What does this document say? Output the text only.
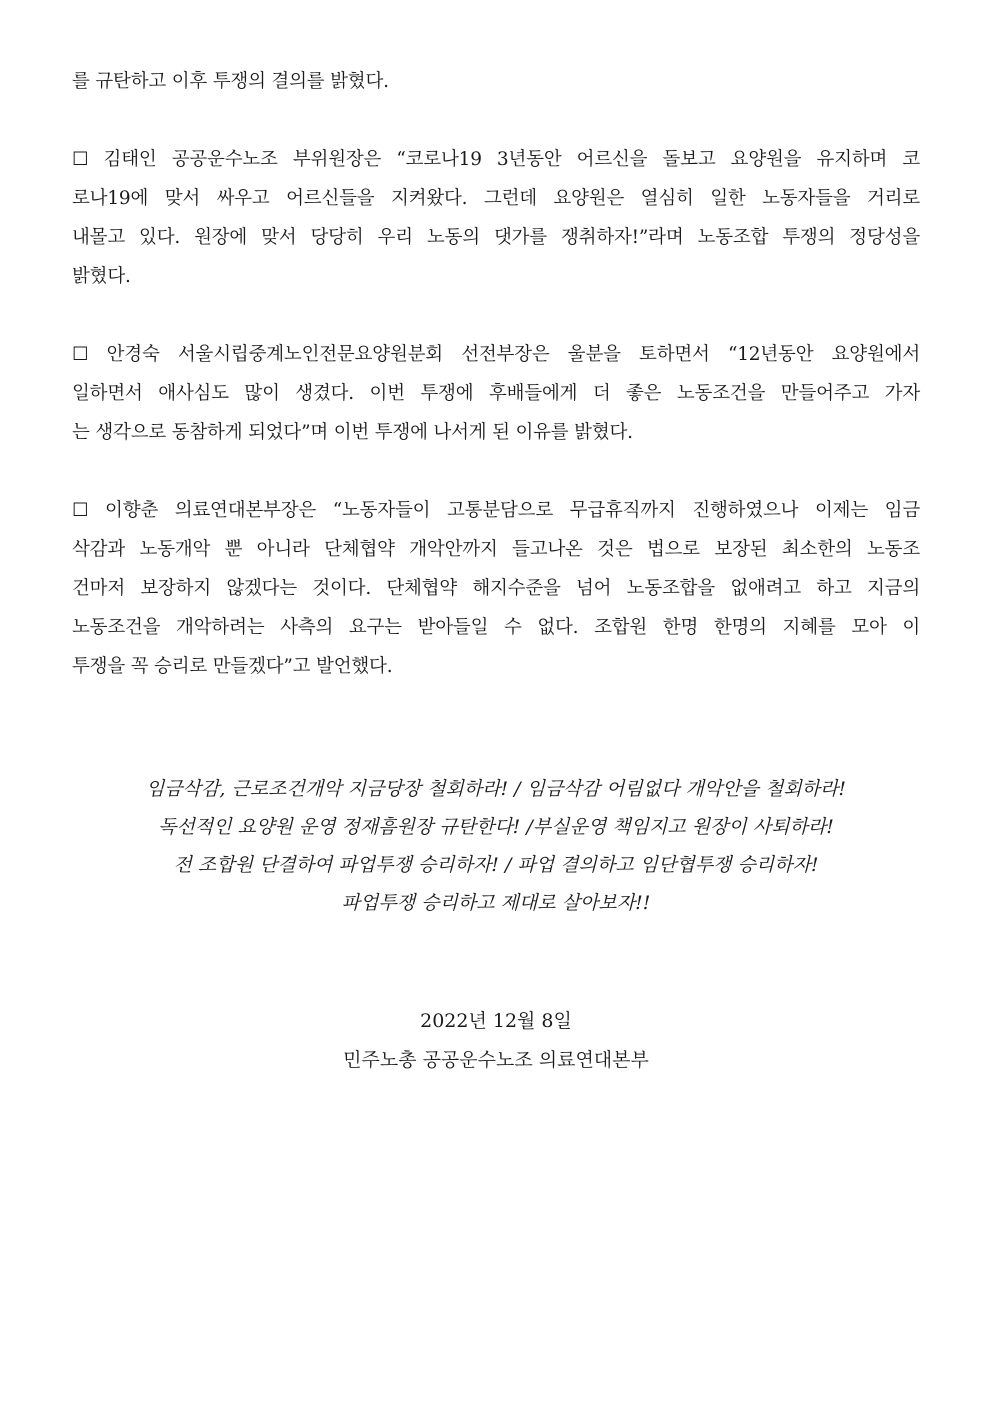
를 규탄하고 이후 투쟁의 결의를 밝혔다.
☐ 김태인 공공운수노조 부위원장은 “코로나19 3년동안 어르신을 돌보고 요양원을 유지하며 코
로나19에 맞서 싸우고 어르신들을 지켜왔다. 그런데 요양원은 열심히 일한 노동자들을 거리로
내몰고 있다. 원장에 맞서 당당히 우리 노동의 댓가를 쟁취하자!”라며 노동조합 투쟁의 정당성을
밝혔다.
☐ 안경숙 서울시립중계노인전문요양원분회 선전부장은 울분을 토하면서 “12년동안 요양원에서
일하면서 애사심도 많이 생겼다. 이번 투쟁에 후배들에게 더 좋은 노동조건을 만들어주고 가자
는 생각으로 동참하게 되었다”며 이번 투쟁에 나서게 된 이유를 밝혔다.
☐ 이향춘 의료연대본부장은 “노동자들이 고통분담으로 무급휴직까지 진행하였으나 이제는 임금
삭감과 노동개악 뿐 아니라 단체협약 개악안까지 들고나온 것은 법으로 보장된 최소한의 노동조
건마저 보장하지 않겠다는 것이다. 단체협약 해지수준을 넘어 노동조합을 없애려고 하고 지금의
노동조건을 개악하려는 사측의 요구는 받아들일 수 없다. 조합원 한명 한명의 지혜를 모아 이
투쟁을 꼭 승리로 만들겠다”고 발언했다.
임금삭감, 근로조건개악 지금당장 철회하라! / 임금삭감 어림없다 개악안을 철회하라!
독선적인 요양원 운영 정재흠원장 규탄한다! /부실운영 책임지고 원장이 사퇴하라!
전 조합원 단결하여 파업투쟁 승리하자! / 파업 결의하고 임단협투쟁 승리하자!
파업투쟁 승리하고 제대로 살아보자!!
2022년 12월 8일
민주노총 공공운수노조 의료연대본부
